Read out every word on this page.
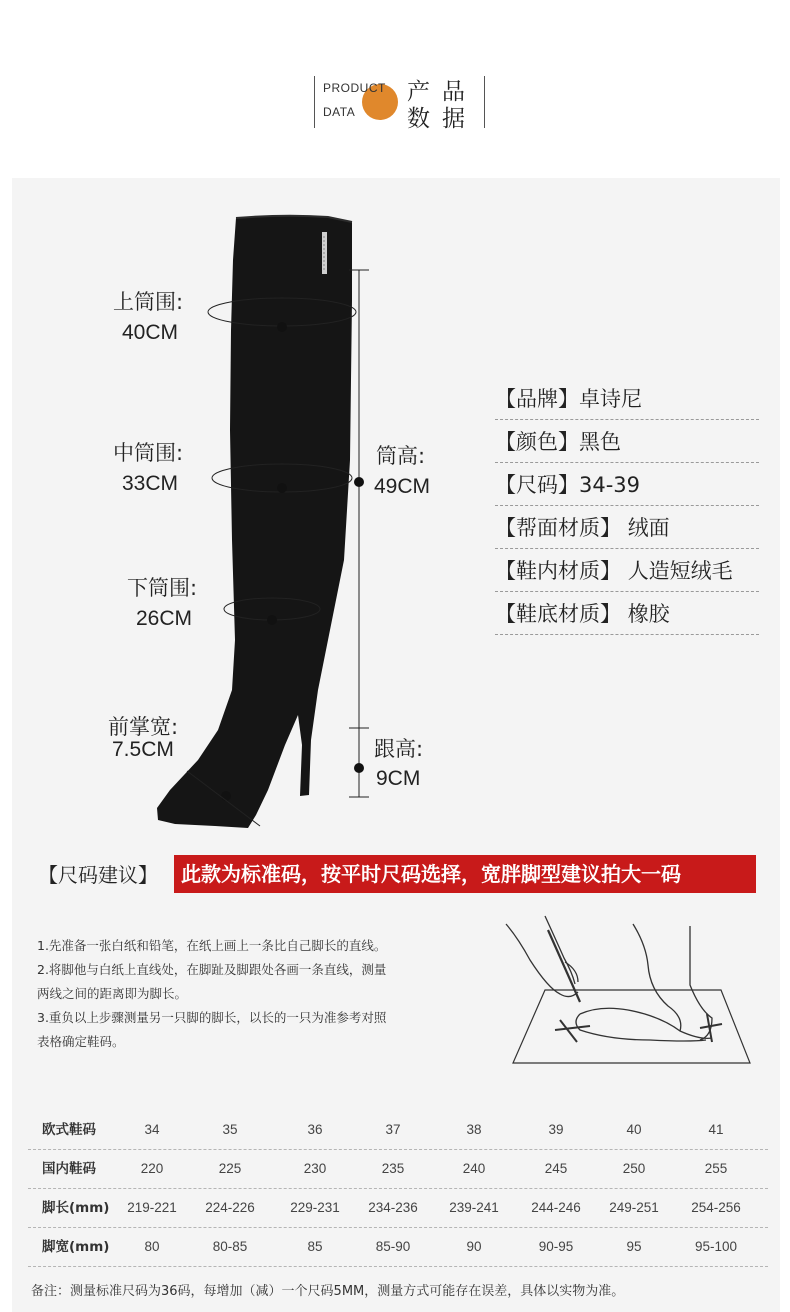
PRODUCT
DATA
产品
数据
上筒围:
40CM
中筒围:
33CM
下筒围:
26CM
前掌宽:
7.5CM
筒高:
49CM
跟高:
9CM
【品牌】卓诗尼
【颜色】黑色
【尺码】34-39
【帮面材质】 绒面
【鞋内材质】 人造短绒毛
【鞋底材质】 橡胶
【尺码建议】	此款为标准码，按平时尺码选择，宽胖脚型建议拍大一码
1.先准备一张白纸和铅笔，在纸上画上一条比自己脚长的直线。
2.将脚他与白纸上直线处，在脚趾及脚跟处各画一条直线，测量
两线之间的距离即为脚长。
3.重负以上步骤测量另一只脚的脚长，以长的一只为准参考对照
表格确定鞋码。
欧式鞋码	34	35	36	37	38	39	40	41
国内鞋码	220	225	230	235	240	245	250	255
脚长(mm)	219-221	224-226	229-231	234-236	239-241	244-246	249-251	254-256
脚宽(mm)	80	80-85	85	85-90	90	90-95	95	95-100
备注：测量标准尺码为36码，每增加（减）一个尺码5MM，测量方式可能存在误差，具体以实物为准。
